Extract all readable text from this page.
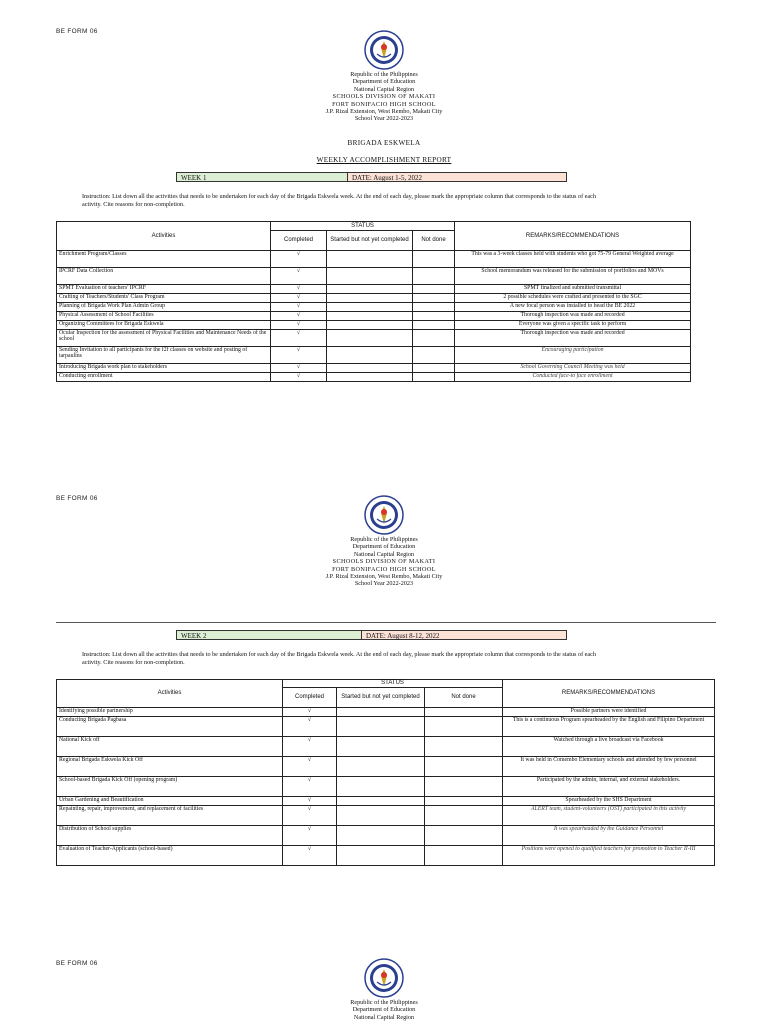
BE FORM 06
Republic of the Philippines
Department of Education
National Capital Region
SCHOOLS DIVISION OF MAKATI
FORT BONIFACIO HIGH SCHOOL
J.P. Rizal Extension, West Rembo, Makati City
School Year 2022-2023
BRIGADA ESKWELA
WEEKLY ACCOMPLISHMENT REPORT
WEEK 1	DATE: August 1-5, 2022
Instruction: List down all the activities that needs to be undertaken for each day of the Brigada Eskwela week. At the end of each day, please mark the appropriate column that corresponds to the status of each activity. Cite reasons for non-completion.
Activities	STATUS			REMARKS/RECOMMENDATIONS
	Completed	Started but not yet completed	Not done	
Enrichment Program/Classes	√			This was a 3-week classes held with students who got 75-79 General Weighted average
IPCRF Data Collection	√			School memorandum was released for the submission of portfolios and MOVs
SPMT Evaluation of teachers' IPCRF	√			SPMT finalized and submitted transmittal
Crafting of Teachers/Students' Class Program	√			2 possible schedules were crafted and presented to the SGC
Planning of Brigada Work Plan Admin Group	√			A new focal person was installed to head the BE 2022
Physical Assessment of School Facilities	√			Thorough inspection was made and recorded
Organizing Committees for Brigada Eskwela	√			Everyone was given a specific task to perform
Ocular Inspection for the assessment of Physical Facilities and Maintenance Needs of the school	√			Thorough inspection was made and recorded
Sending Invitation to all participants for the f2f classes on website and posting of tarpaulins	√			Encouraging participation
Introducing Brigada work plan to stakeholders	√			School Governing Council Meeting was held
Conducting enrollment	√			Conducted face-to face enrollment
BE FORM 06
Republic of the Philippines
Department of Education
National Capital Region
SCHOOLS DIVISION OF MAKATI
FORT BONIFACIO HIGH SCHOOL
J.P. Rizal Extension, West Rembo, Makati City
School Year 2022-2023
WEEK 2	DATE: August 8-12, 2022
Instruction: List down all the activities that needs to be undertaken for each day of the Brigada Eskwela week. At the end of each day, please mark the appropriate column that corresponds to the status of each activity. Cite reasons for non-completion.
Activities	STATUS			REMARKS/RECOMMENDATIONS
	Completed	Started but not yet completed	Not done	
Identifying possible partnership	√			Possible partners were identified
Conducting Brigada Pagbasa	√			This is a continuous Program spearheaded by the English and Filipino Department
National Kick off	√			Watched through a live broadcast via Facebook
Regional Brigada Eskwela Kick Off	√			It was held in Comembo Elementary schools and attended by few personnel
School-based Brigada Kick Off (opening program)	√			Participated by the admin, internal, and external stakeholders.
Urban Gardening and Beautification	√			Spearheaded by the SHS Department
Repainting, repair, improvement, and replacement of facilities	√			ALERT team, student-volunteers (OST) participated in this activity
Distribution of School supplies	√			It was spearheaded by the Guidance Personnel
Evaluation of Teacher-Applicants (school-based)	√			Positions were opened to qualified teachers for promotion to Teacher II-III
BE FORM 06
Republic of the Philippines
Department of Education
National Capital Region
